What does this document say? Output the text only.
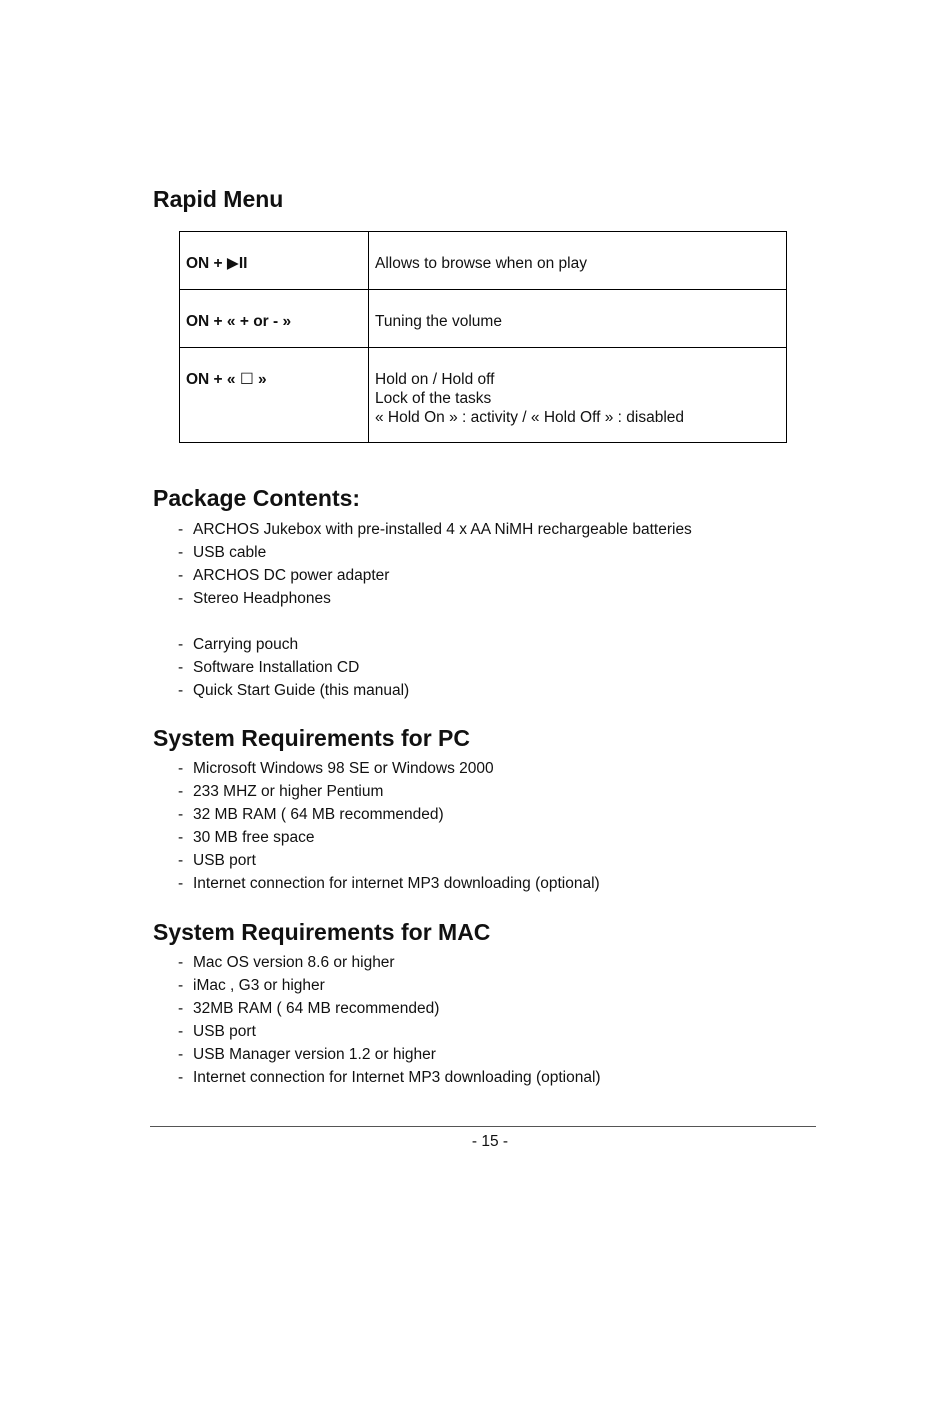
Rapid Menu
ON + ▶II	Allows to browse when on play

ON + « + or - »	Tuning the volume

ON + « ☐ »	Hold on / Hold off
Lock of the tasks
« Hold On » : activity / « Hold Off » : disabled
Package Contents:
- ARCHOS Jukebox with pre-installed 4 x AA NiMH rechargeable batteries
- USB cable
- ARCHOS DC power adapter
- Stereo Headphones
- Carrying pouch
- Software Installation CD
- Quick Start Guide (this manual)
System Requirements for PC
- Microsoft Windows 98 SE or Windows 2000
- 233 MHZ or higher Pentium
- 32 MB RAM ( 64 MB recommended)
- 30 MB free space
- USB port
- Internet connection for internet MP3 downloading (optional)
System Requirements for MAC
- Mac OS version 8.6 or higher
- iMac , G3 or higher
- 32MB RAM ( 64 MB recommended)
- USB port
- USB Manager version 1.2 or higher
- Internet connection for Internet MP3 downloading (optional)
- 15 -
